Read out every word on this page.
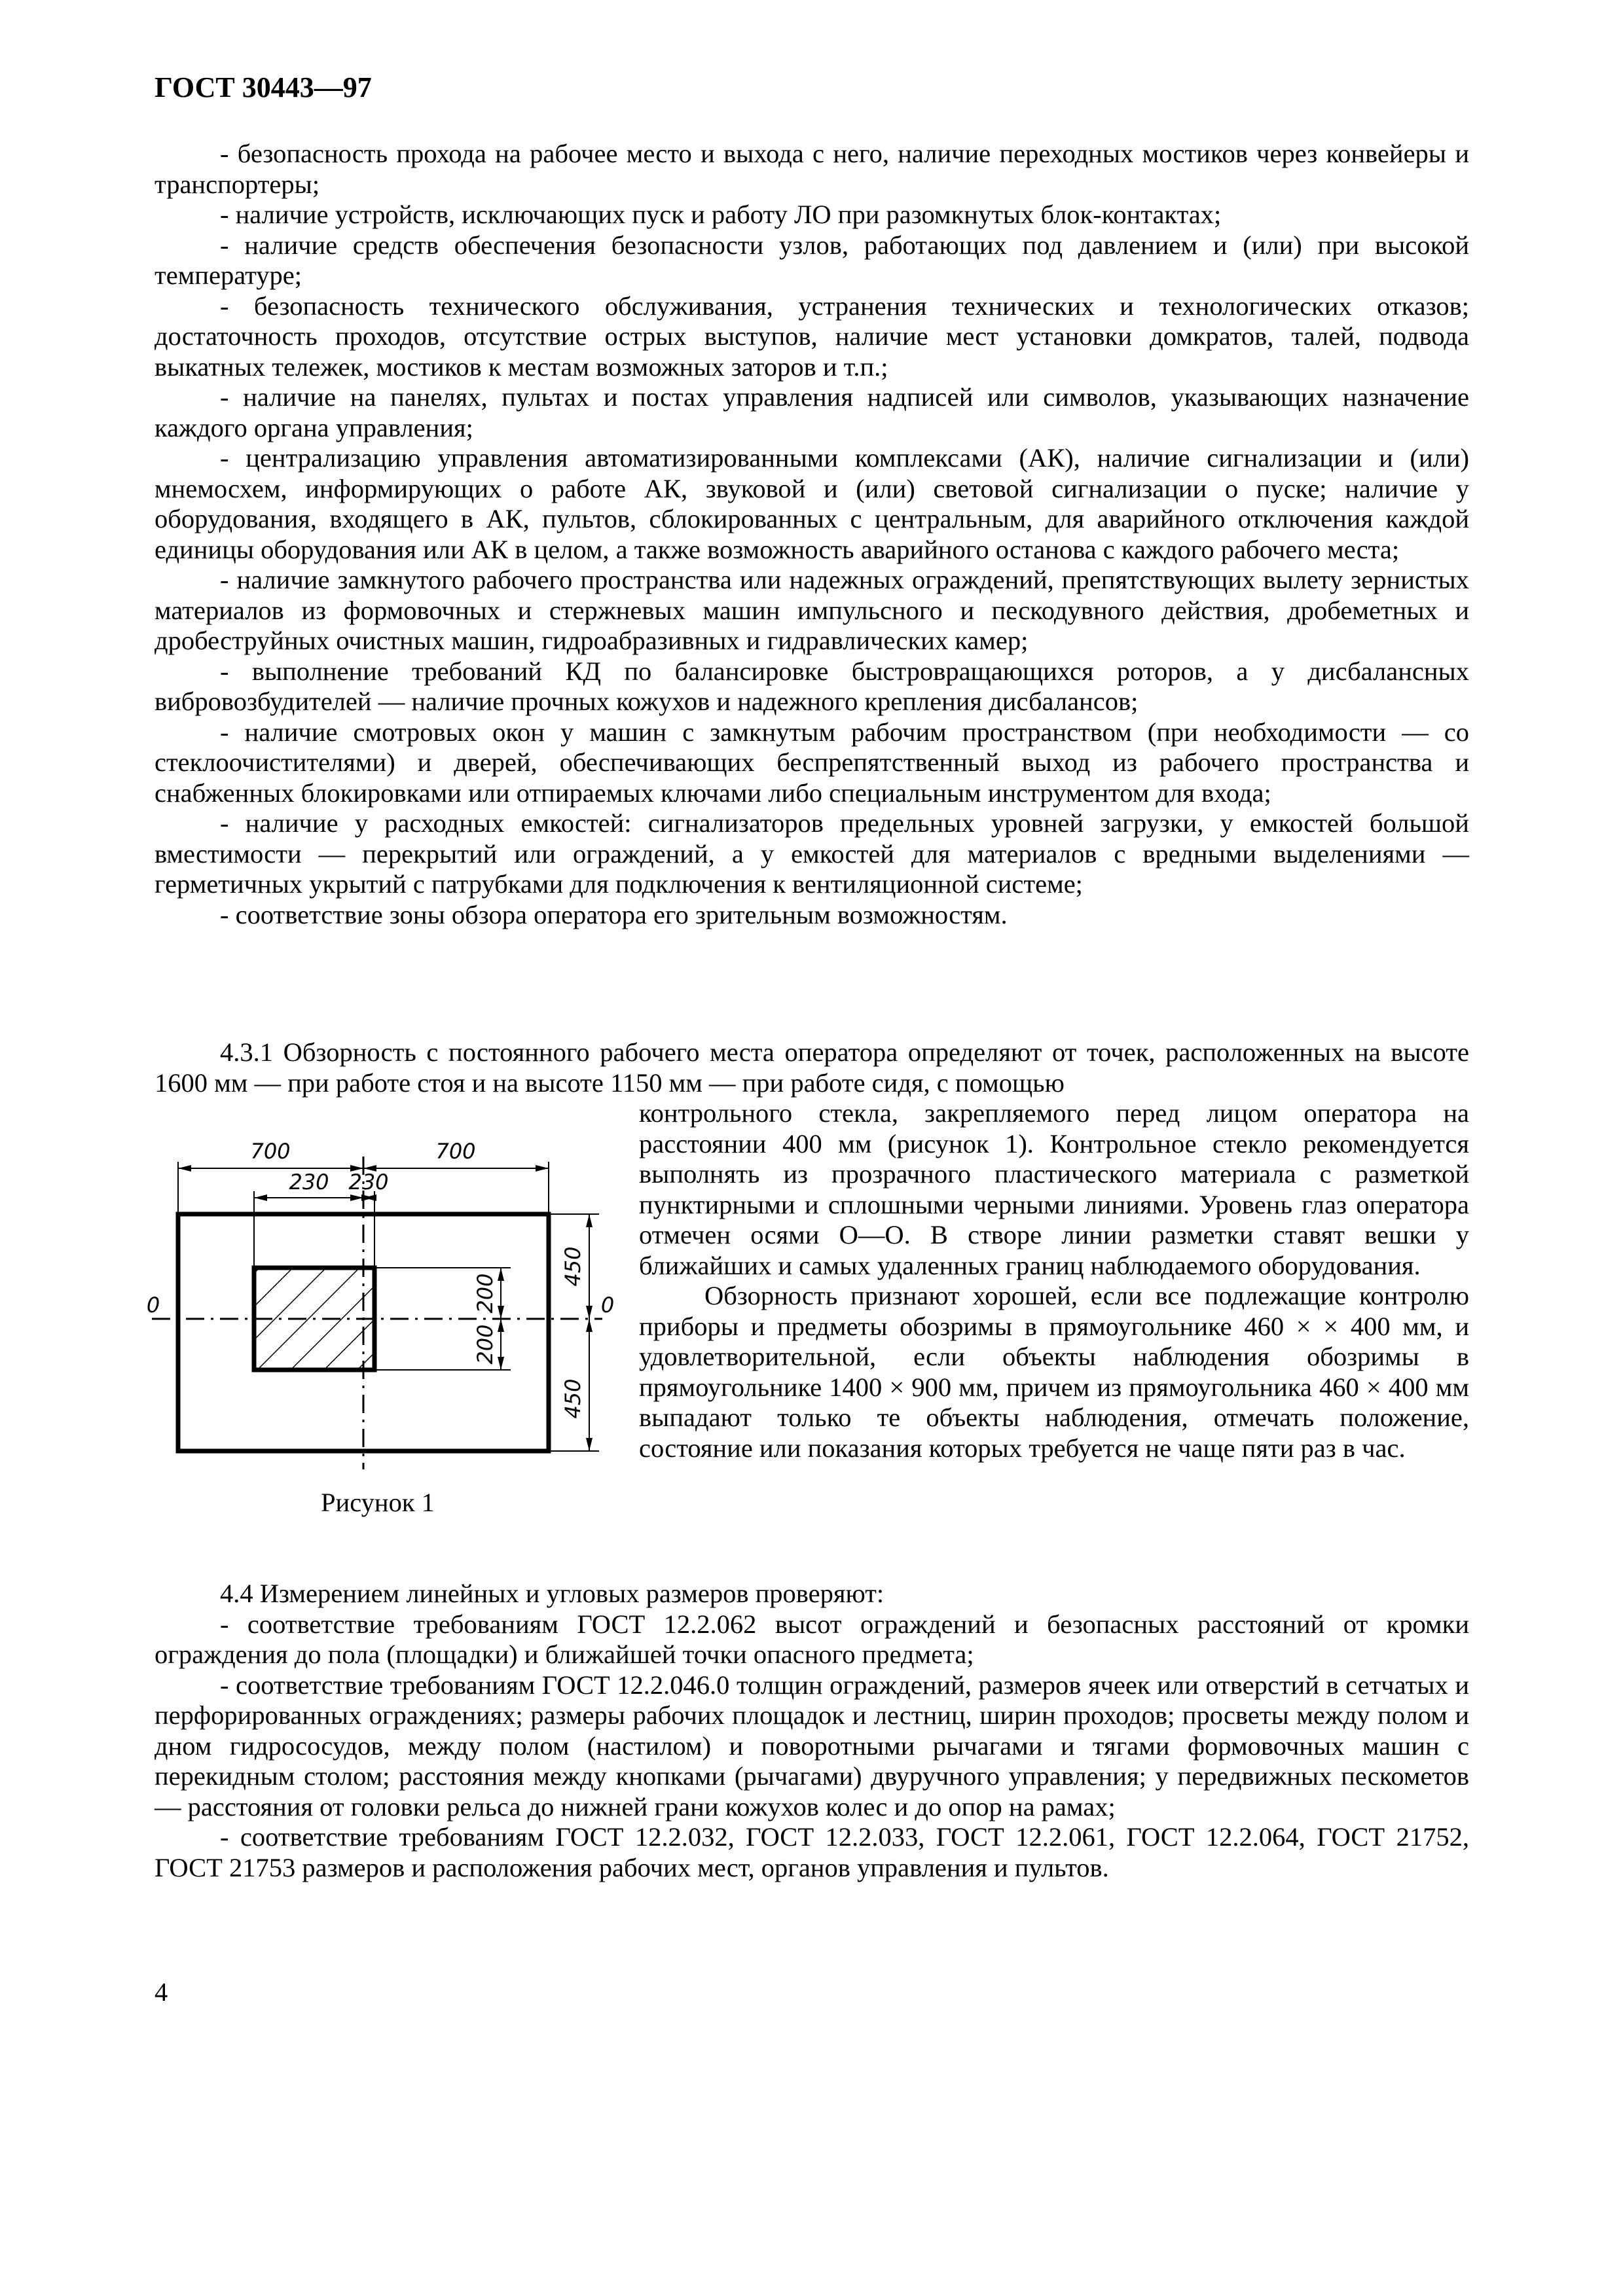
ГОСТ 30443—97

- безопасность прохода на рабочее место и выхода с него, наличие переходных мостиков через конвейеры и транспортеры;

- наличие устройств, исключающих пуск и работу ЛО при разомкнутых блок-контактах;

- наличие средств обеспечения безопасности узлов, работающих под давлением и (или) при высокой температуре;

- безопасность технического обслуживания, устранения технических и технологических отказов; достаточность проходов, отсутствие острых выступов, наличие мест установки домкратов, талей, подвода выкатных тележек, мостиков к местам возможных заторов и т.п.;

- наличие на панелях, пультах и постах управления надписей или символов, указывающих назначение каждого органа управления;

- централизацию управления автоматизированными комплексами (АК), наличие сигнализации и (или) мнемосхем, информирующих о работе АК, звуковой и (или) световой сигнализации о пуске; наличие у оборудования, входящего в АК, пультов, сблокированных с центральным, для аварийного отключения каждой единицы оборудования или АК в целом, а также возможность аварийного останова с каждого рабочего места;

- наличие замкнутого рабочего пространства или надежных ограждений, препятствующих вылету зернистых материалов из формовочных и стержневых машин импульсного и пескодувного действия, дробеметных и дробеструйных очистных машин, гидроабразивных и гидравлических камер;

- выполнение требований КД по балансировке быстровращающихся роторов, а у дисбалансных вибровозбудителей — наличие прочных кожухов и надежного крепления дисбалансов;

- наличие смотровых окон у машин с замкнутым рабочим пространством (при необходимости — со стеклоочистителями) и дверей, обеспечивающих беспрепятственный выход из рабочего пространства и снабженных блокировками или отпираемых ключами либо специальным инструментом для входа;

- наличие у расходных емкостей: сигнализаторов предельных уровней загрузки, у емкостей большой вместимости — перекрытий или ограждений, а у емкостей для материалов с вредными выделениями — герметичных укрытий с патрубками для подключения к вентиляционной системе;

- соответствие зоны обзора оператора его зрительным возможностям.

4.3.1 Обзорность с постоянного рабочего места оператора определяют от точек, расположенных на высоте 1600 мм — при работе стоя и на высоте 1150 мм — при работе сидя, с помощью

700	700
230 230
450
450
200
200
0	0
Рисунок 1

контрольного стекла, закрепляемого перед лицом оператора на расстоянии 400 мм (рисунок 1). Контрольное стекло рекомендуется выполнять из прозрачного пластического материала с разметкой пунктирными и сплошными черными линиями. Уровень глаз оператора отмечен осями О—О. В створе линии разметки ставят вешки у ближайших и самых удаленных границ наблюдаемого оборудования.

Обзорность признают хорошей, если все подлежащие контролю приборы и предметы обозримы в прямоугольнике 460 × × 400 мм, и удовлетворительной, если объекты наблюдения обозримы в прямоугольнике 1400 × 900 мм, причем из прямоугольника 460 × 400 мм выпадают только те объекты наблюдения, отмечать положение, состояние или показания которых требуется не чаще пяти раз в час.

4.4 Измерением линейных и угловых размеров проверяют:

- соответствие требованиям ГОСТ 12.2.062 высот ограждений и безопасных расстояний от кромки ограждения до пола (площадки) и ближайшей точки опасного предмета;

- соответствие требованиям ГОСТ 12.2.046.0 толщин ограждений, размеров ячеек или отверстий в сетчатых и перфорированных ограждениях; размеры рабочих площадок и лестниц, ширин проходов; просветы между полом и дном гидрососудов, между полом (настилом) и поворотными рычагами и тягами формовочных машин с перекидным столом; расстояния между кнопками (рычагами) двуручного управления; у передвижных пескометов — расстояния от головки рельса до нижней грани кожухов колес и до опор на рамах;

- соответствие требованиям ГОСТ 12.2.032, ГОСТ 12.2.033, ГОСТ 12.2.061, ГОСТ 12.2.064, ГОСТ 21752, ГОСТ 21753 размеров и расположения рабочих мест, органов управления и пультов.

4
